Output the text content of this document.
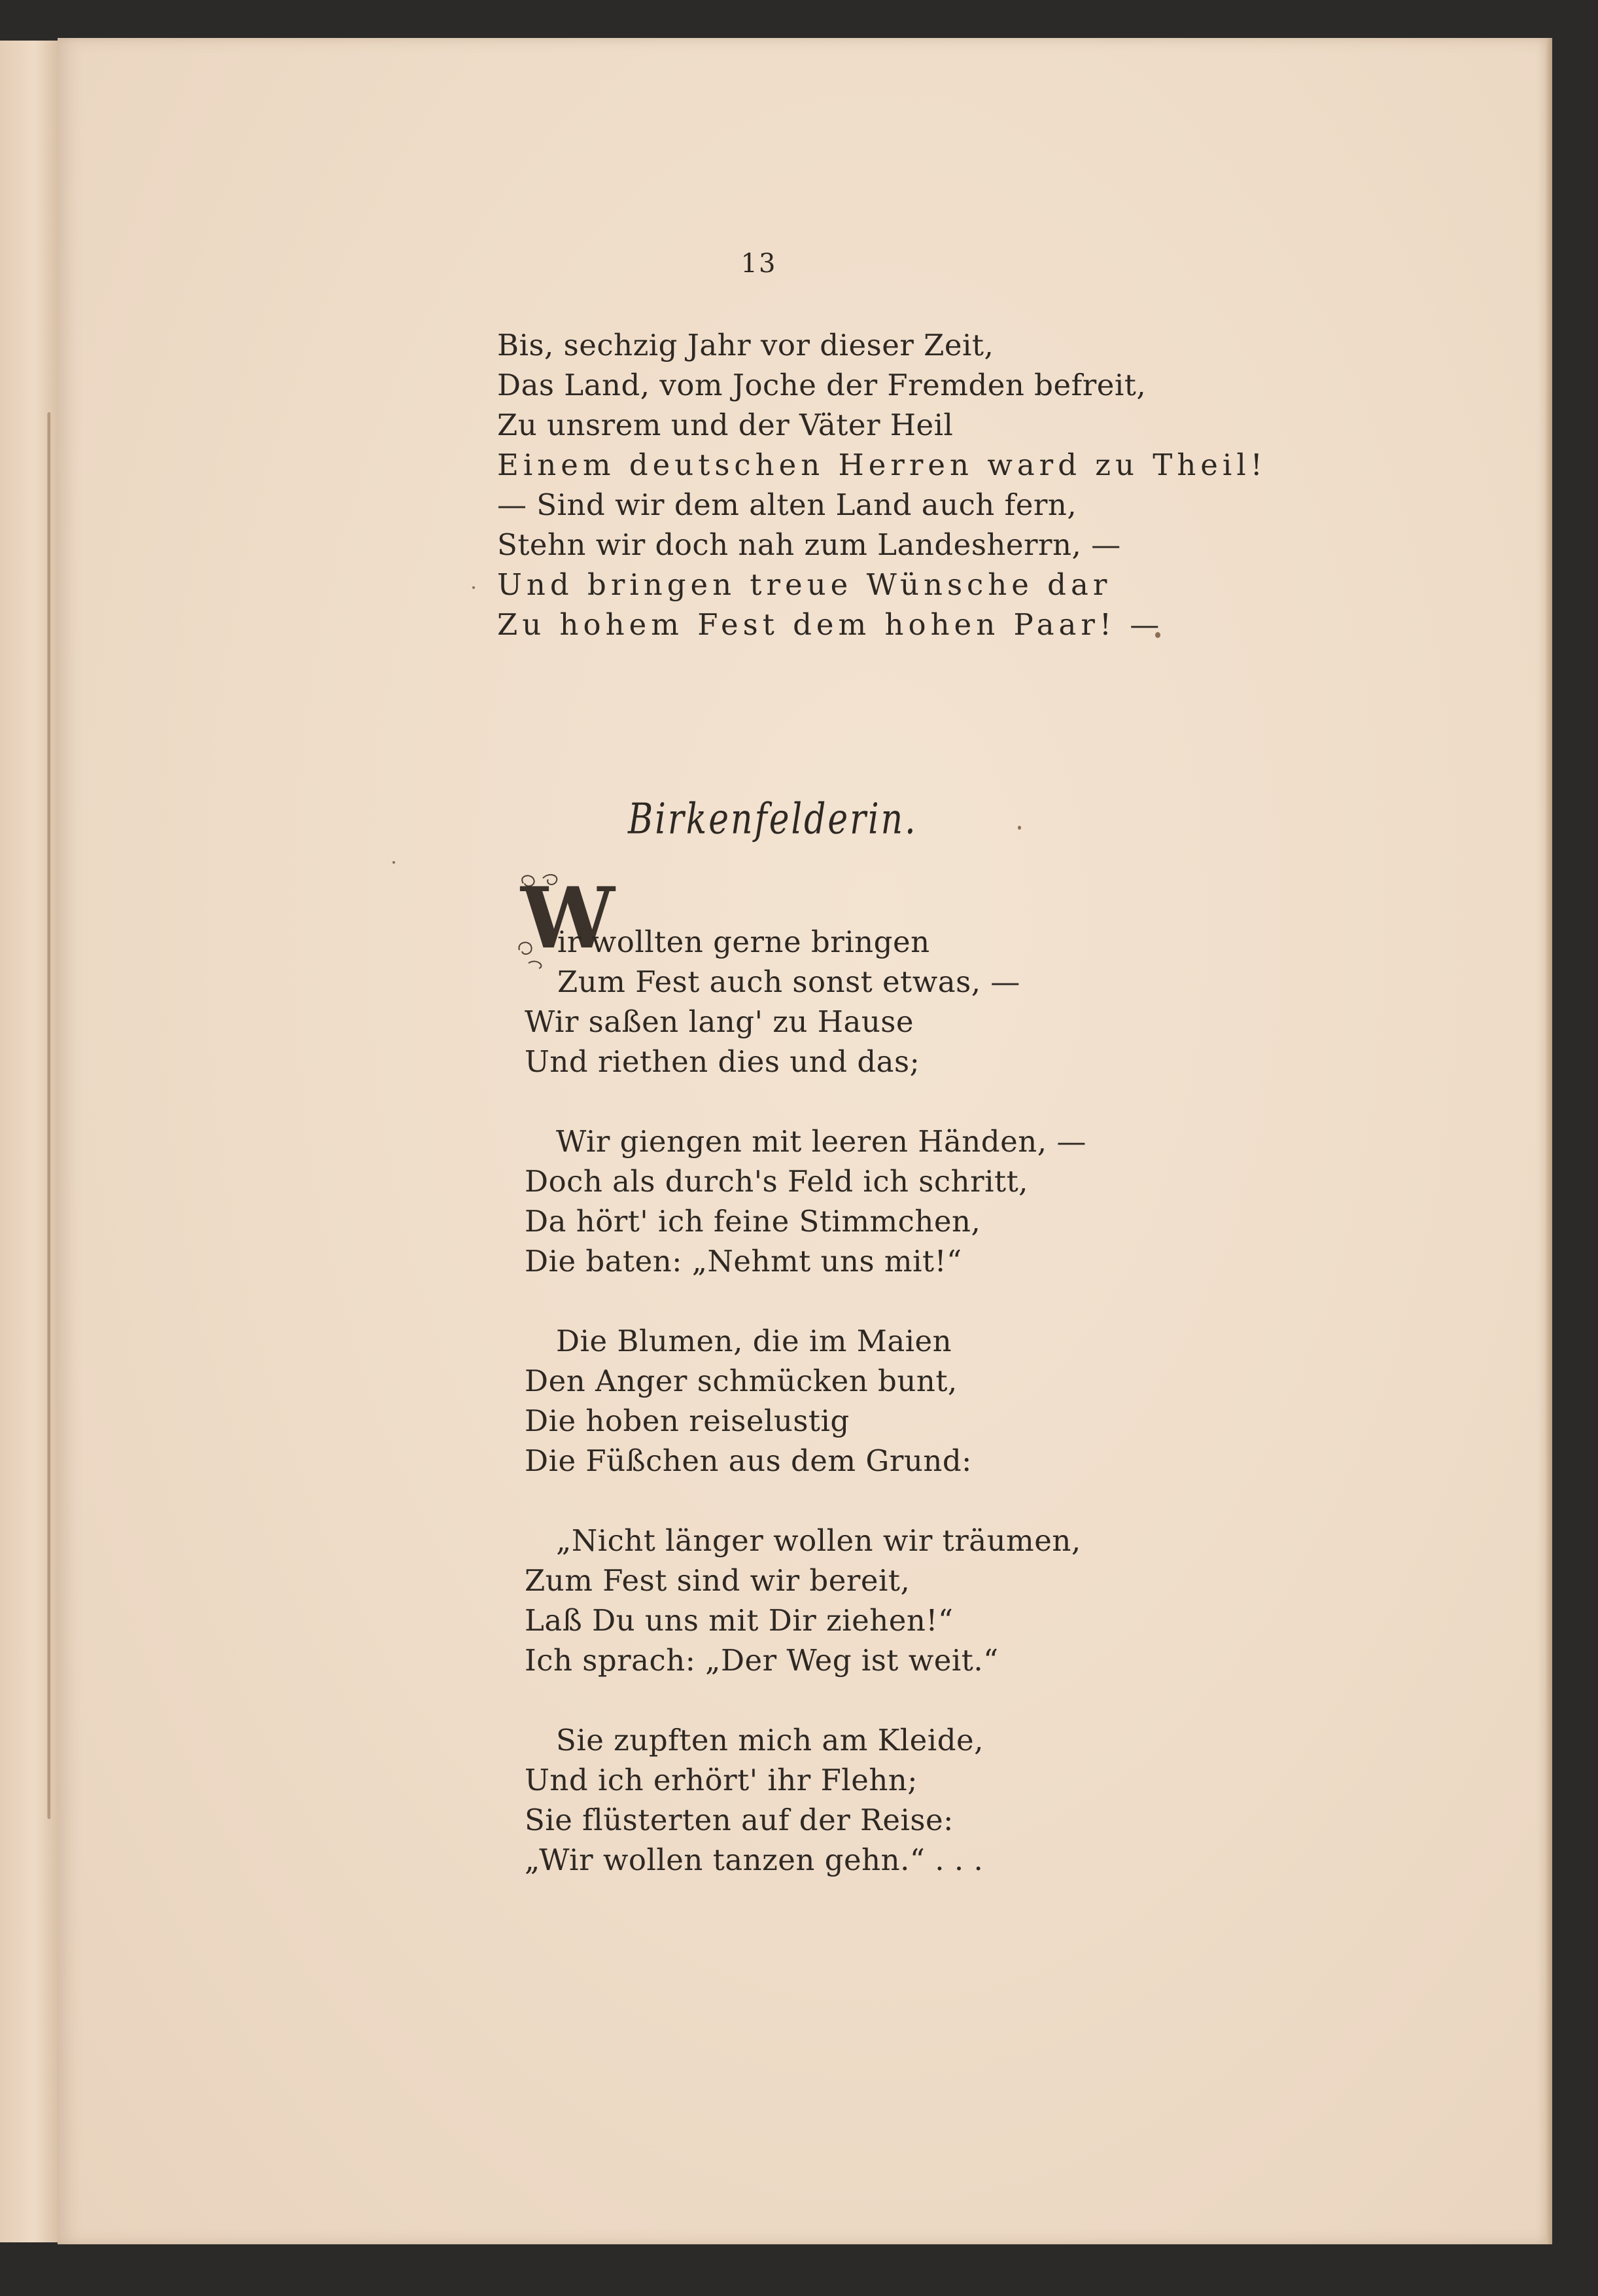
13
Bis, sechzig Jahr vor dieser Zeit,
Das Land, vom Joche der Fremden befreit,
Zu unsrem und der Väter Heil
Einem deutschen Herren ward zu Theil!
— Sind wir dem alten Land auch fern,
Stehn wir doch nah zum Landesherrn, —
Und bringen treue Wünsche dar
Zu hohem Fest dem hohen Paar! —
Birkenfelderin.
W
ir wollten gerne bringen
Zum Fest auch sonst etwas, —
Wir saßen lang' zu Hause
Und riethen dies und das;
Wir giengen mit leeren Händen, —
Doch als durch's Feld ich schritt,
Da hört' ich feine Stimmchen,
Die baten: „Nehmt uns mit!“
Die Blumen, die im Maien
Den Anger schmücken bunt,
Die hoben reiselustig
Die Füßchen aus dem Grund:
„Nicht länger wollen wir träumen,
Zum Fest sind wir bereit,
Laß Du uns mit Dir ziehen!“
Ich sprach: „Der Weg ist weit.“
Sie zupften mich am Kleide,
Und ich erhört' ihr Flehn;
Sie flüsterten auf der Reise:
„Wir wollen tanzen gehn.“ . . .
